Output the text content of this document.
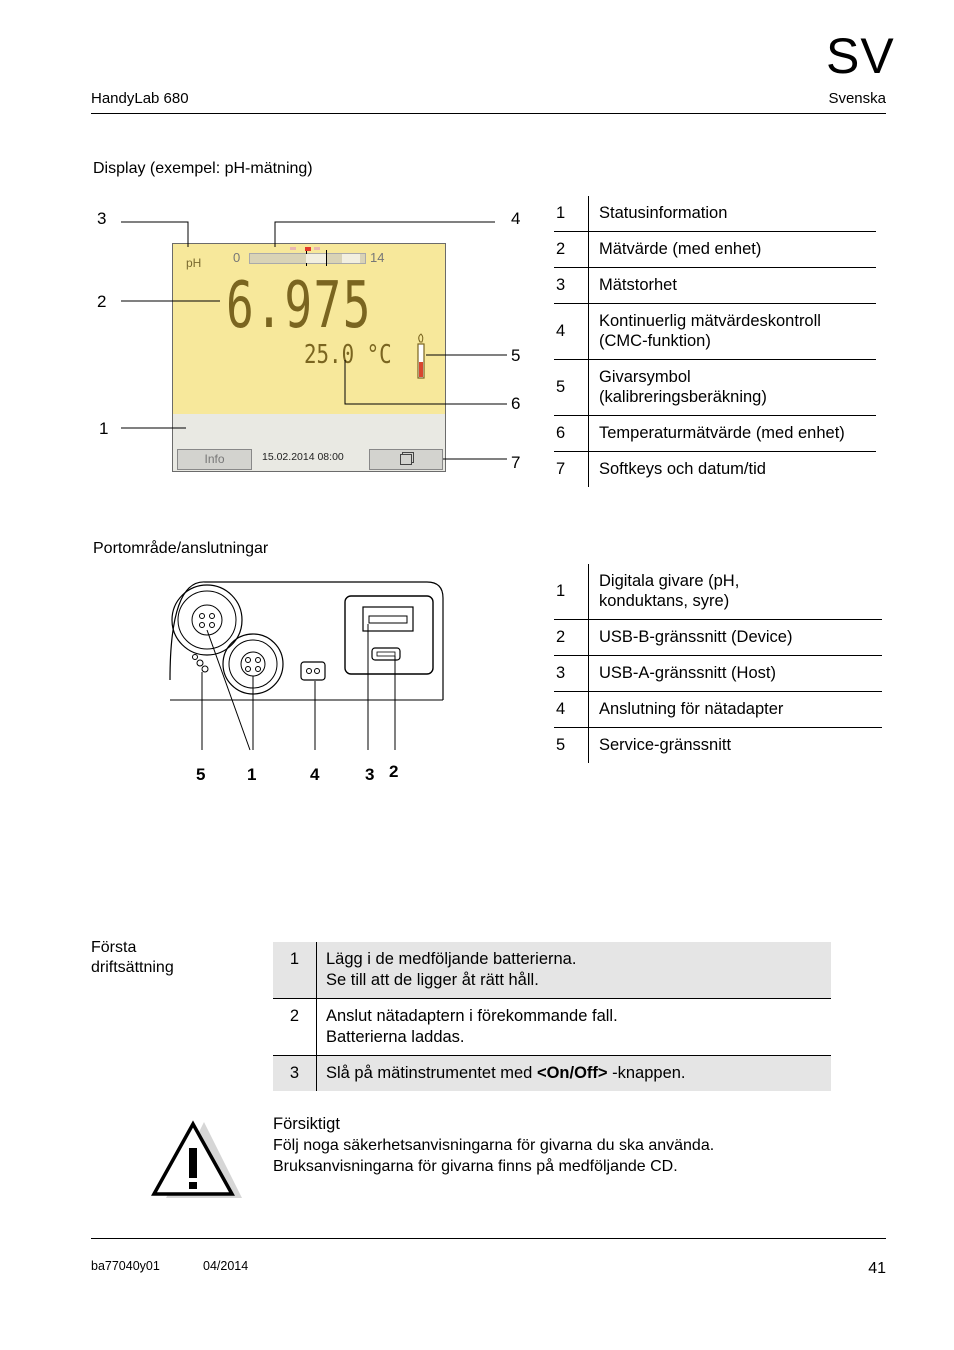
SV
HandyLab 680	Svenska
Display (exempel: pH-mätning)
pH 0	14
6.975
25.0 °C
Info	15.02.2014 08:00
3	4
2
5
6
1
7
1	Statusinformation
2	Mätvärde (med enhet)
3	Mätstorhet
4	Kontinuerlig mätvärdeskontroll (CMC-funktion)
5	Givarsymbol (kalibreringsberäkning)
6	Temperaturmätvärde (med enhet)
7	Softkeys och datum/tid
Portområde/anslutningar
5 1	4	3 2
1	Digitala givare (pH, konduktans, syre)
2	USB-B-gränssnitt (Device)
3	USB-A-gränssnitt (Host)
4	Anslutning för nätadapter
5	Service-gränssnitt
Första
driftsättning	1	Lägg i de medföljande batterierna.
Se till att de ligger åt rätt håll.

2	Anslut nätadaptern i förekommande fall.
Batterierna laddas.

3	Slå på mätinstrumentet med <On/Off> -knappen.
Försiktigt
Följ noga säkerhetsanvisningarna för givarna du ska använda.
Bruksanvisningarna för givarna finns på medföljande CD.
ba77040y01	04/2014	41
